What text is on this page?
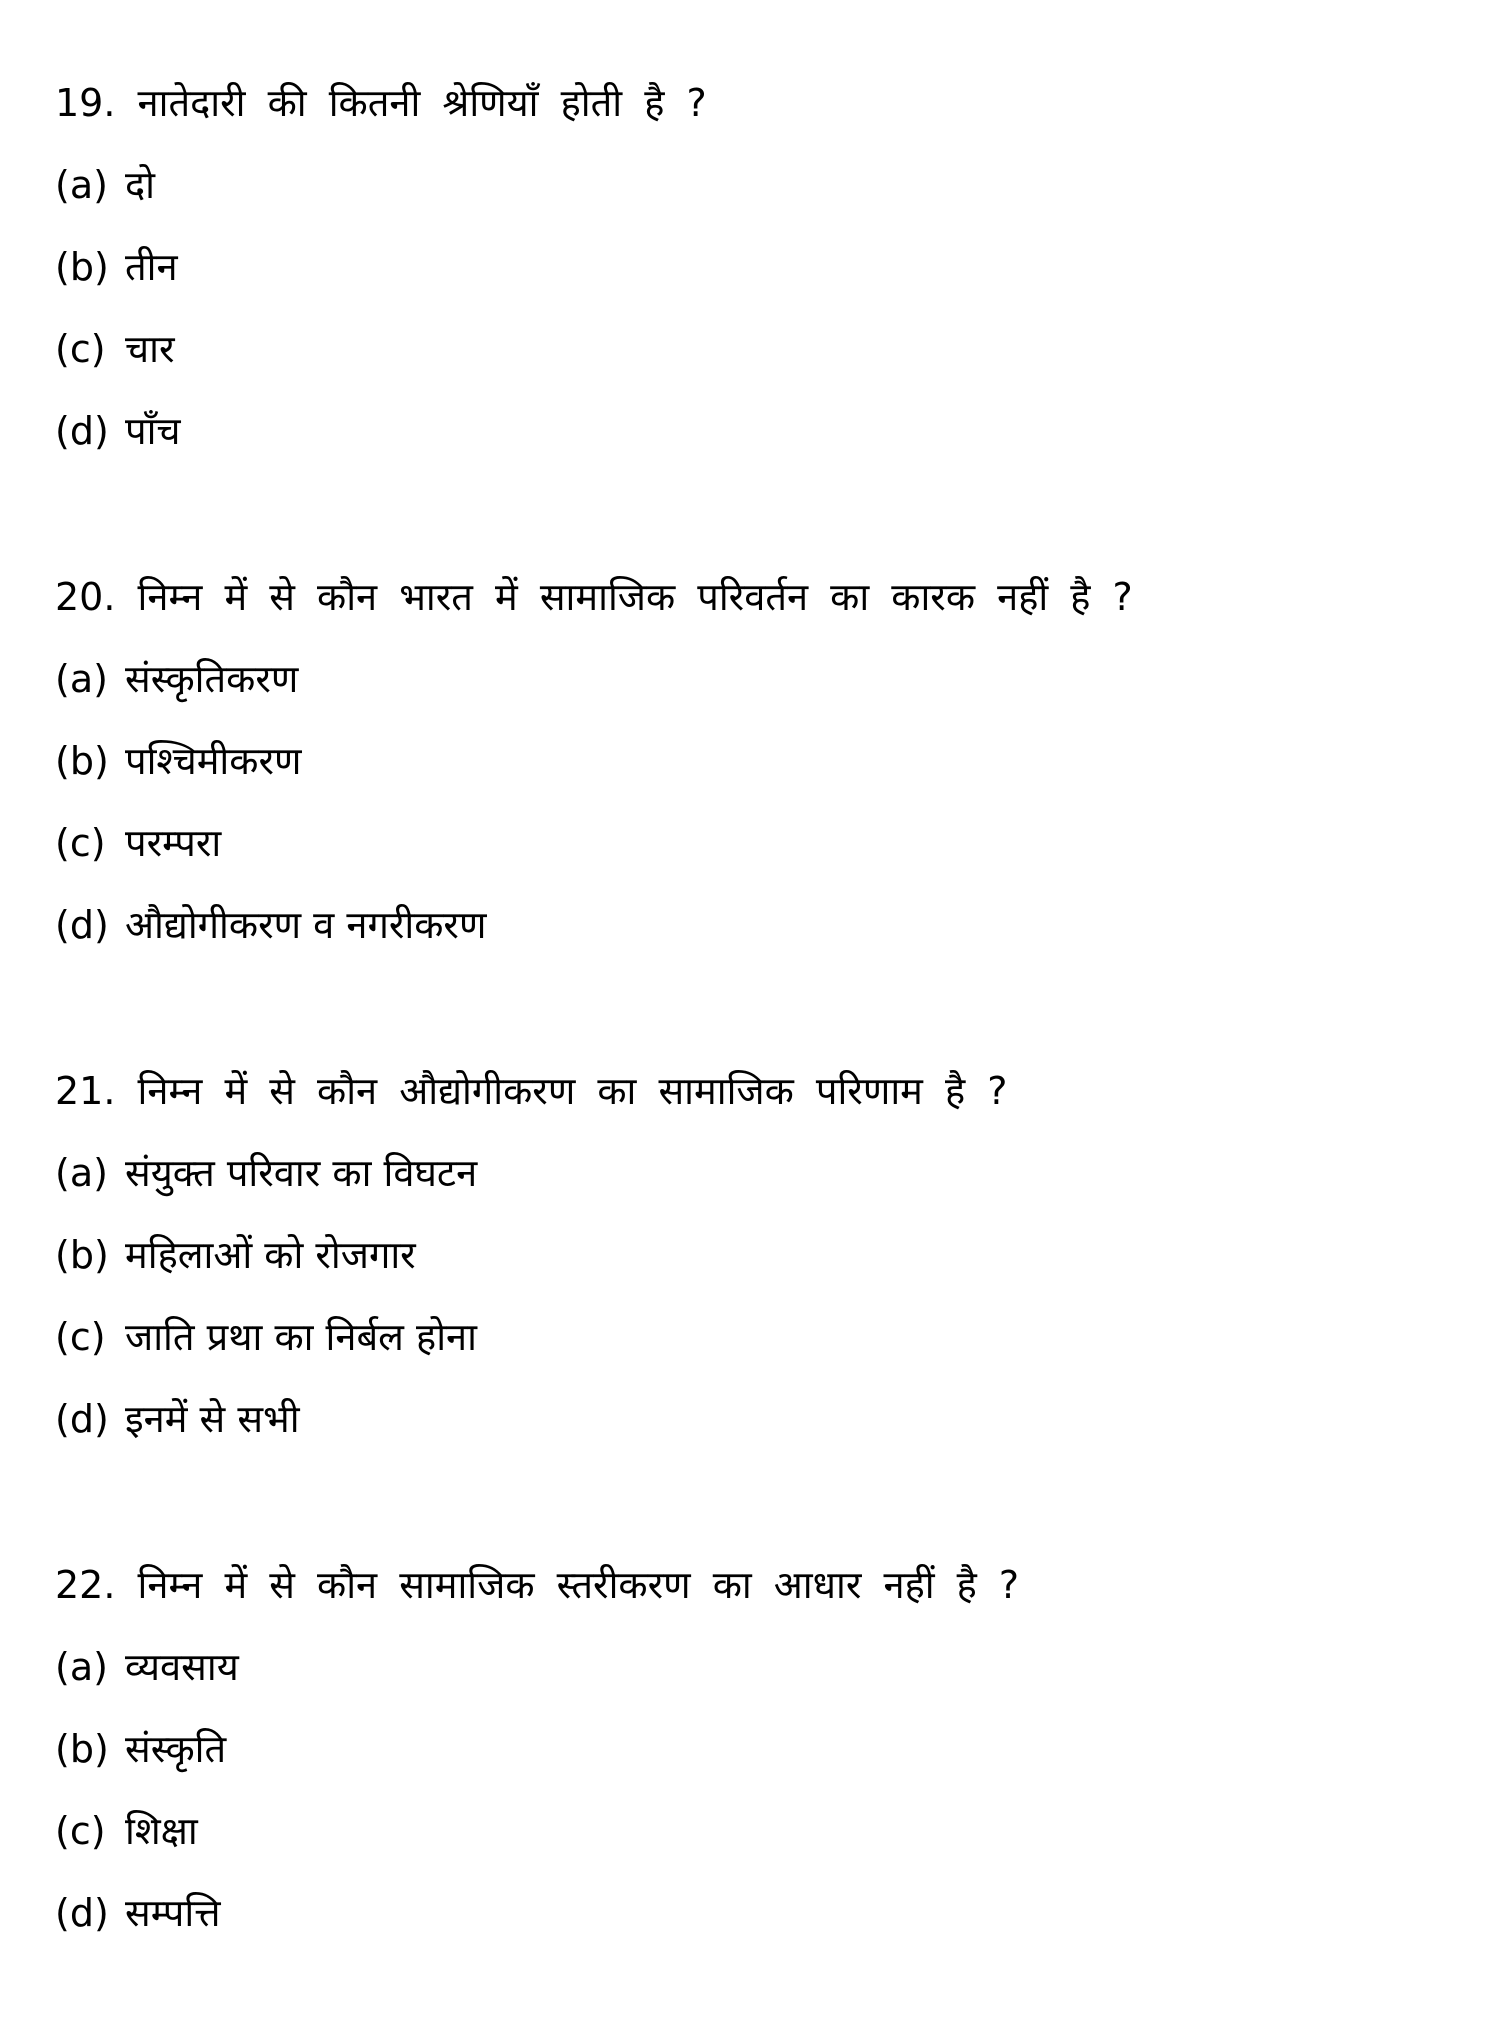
19. नातेदारी की कितनी श्रेणियाँ होती है ?
(a) दो
(b) तीन
(c) चार
(d) पाँच
20. निम्न में से कौन भारत में सामाजिक परिवर्तन का कारक नहीं है ?
(a) संस्कृतिकरण
(b) पश्चिमीकरण
(c) परम्परा
(d) औद्योगीकरण व नगरीकरण
21. निम्न में से कौन औद्योगीकरण का सामाजिक परिणाम है ?
(a) संयुक्त परिवार का विघटन
(b) महिलाओं को रोजगार
(c) जाति प्रथा का निर्बल होना
(d) इनमें से सभी
22. निम्न में से कौन सामाजिक स्तरीकरण का आधार नहीं है ?
(a) व्यवसाय
(b) संस्कृति
(c) शिक्षा
(d) सम्पत्ति
